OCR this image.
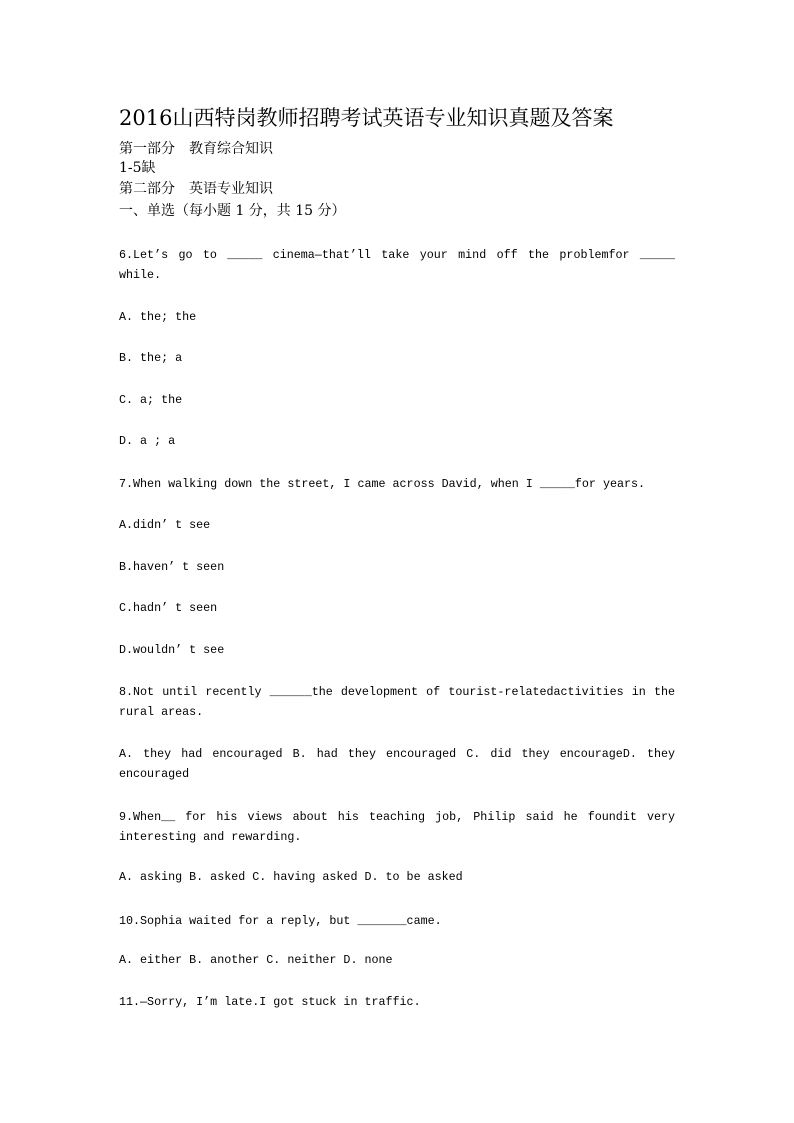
2016山西特岗教师招聘考试英语专业知识真题及答案
第一部分　教育综合知识
1-5缺
第二部分　英语专业知识
一、单选（每小题 1 分，共 15 分）
6.Let’s go to _____ cinema—that’ll take your mind off the problemfor _____ while.
A. the; the
B. the; a
C. a; the
D. a ; a
7.When walking down the street, I came across David, when I _____for years.
A.didn’ t see
B.haven’ t seen
C.hadn’ t seen
D.wouldn’ t see
8.Not until recently ______the development of tourist-relatedactivities in the rural areas.
A. they had encouraged B. had they encouraged C. did they encourageD. they encouraged
9.When__ for his views about his teaching job, Philip said he foundit very interesting and rewarding.
A. asking B. asked C. having asked D. to be asked
10.Sophia waited for a reply, but _______came.
A. either B. another C. neither D. none
11.—Sorry, I’m late.I got stuck in traffic.
